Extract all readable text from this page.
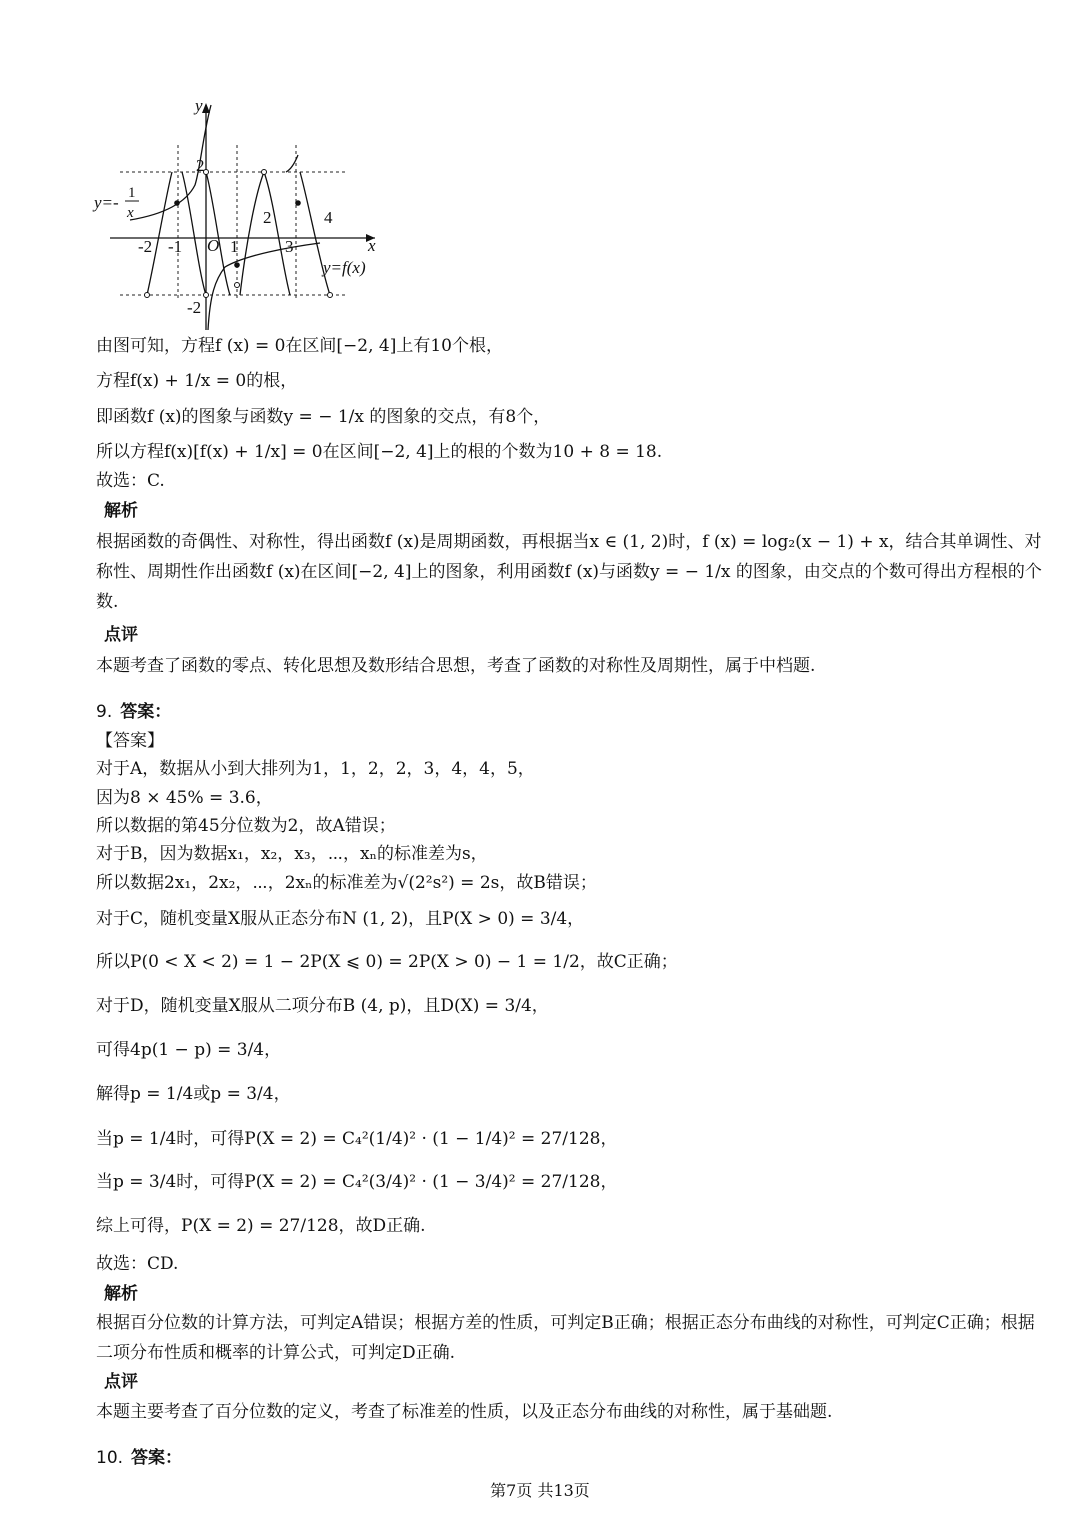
y
x
O
-2 -1	1
2
3
4
2
-2
y=- 1
x
y=f(x)
由图可知，方程f (x) = 0在区间[−2, 4]上有10个根，
方程f(x) + 1/x = 0的根，
即函数f (x)的图象与函数y = − 1/x 的图象的交点，有8个，
所以方程f(x)[f(x) + 1/x] = 0在区间[−2, 4]上的根的个数为10 + 8 = 18.
故选：C.
解析
根据函数的奇偶性、对称性，得出函数f (x)是周期函数，再根据当x ∈ (1, 2)时，f (x) = log₂(x − 1) + x，结合其单调性、对称性、周期性作出函数f (x)在区间[−2, 4]上的图象，利用函数f (x)与函数y = − 1/x 的图象，由交点的个数可得出方程根的个数.
点评
本题考查了函数的零点、转化思想及数形结合思想，考查了函数的对称性及周期性，属于中档题.
9. 答案：
【答案】
对于A，数据从小到大排列为1，1，2，2，3，4，4，5，
因为8 × 45% = 3.6，
所以数据的第45分位数为2，故A错误；
对于B，因为数据x₁，x₂，x₃，⋯，xₙ的标准差为s，
所以数据2x₁，2x₂，⋯，2xₙ的标准差为√(2²s²) = 2s，故B错误；
对于C，随机变量X服从正态分布N (1, 2)，且P(X > 0) = 3/4，
所以P(0 < X < 2) = 1 − 2P(X ⩽ 0) = 2P(X > 0) − 1 = 1/2，故C正确；
对于D，随机变量X服从二项分布B (4, p)，且D(X) = 3/4，
可得4p(1 − p) = 3/4，
解得p = 1/4或p = 3/4，
当p = 1/4时，可得P(X = 2) = C₄²(1/4)² · (1 − 1/4)² = 27/128，
当p = 3/4时，可得P(X = 2) = C₄²(3/4)² · (1 − 3/4)² = 27/128，
综上可得，P(X = 2) = 27/128，故D正确.
故选：CD.
解析
根据百分位数的计算方法，可判定A错误；根据方差的性质，可判定B正确；根据正态分布曲线的对称性，可判定C正确；根据二项分布性质和概率的计算公式，可判定D正确.
点评
本题主要考查了百分位数的定义，考查了标准差的性质，以及正态分布曲线的对称性，属于基础题.
10. 答案：
第7页 共13页
